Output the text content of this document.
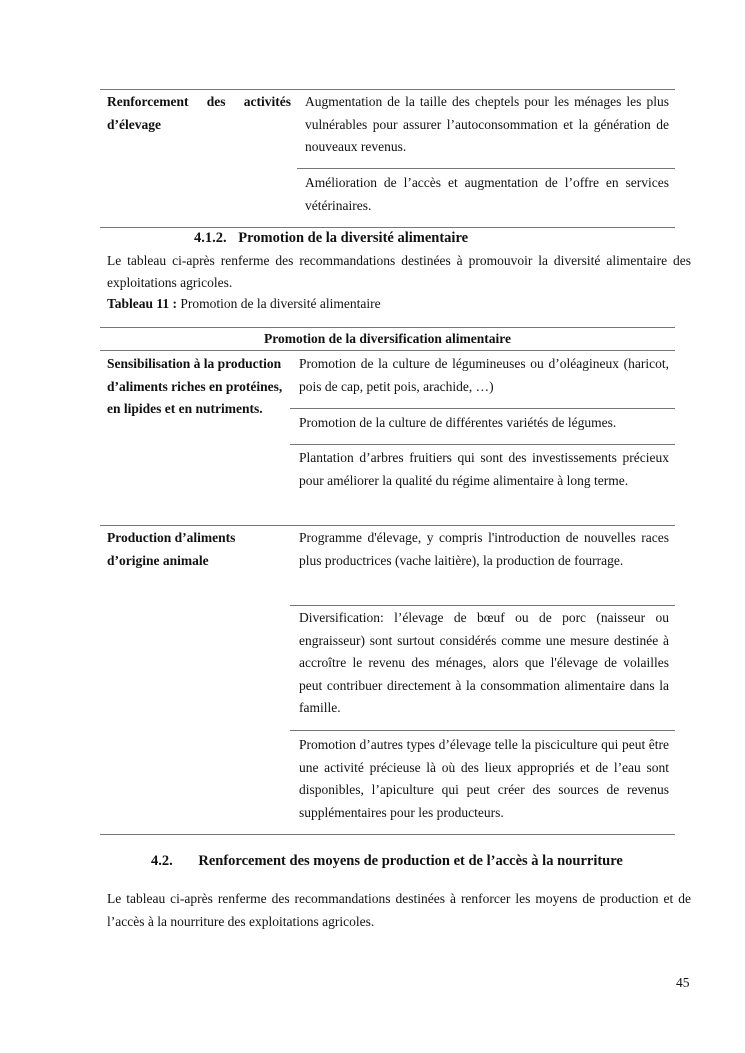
Renforcement des activités d’élevage
Augmentation de la taille des cheptels pour les ménages les plus vulnérables pour assurer l’autoconsommation et la génération de nouveaux revenus.
Amélioration de l’accès et augmentation de l’offre en services vétérinaires.
4.1.2. Promotion de la diversité alimentaire
Le tableau ci-après renferme des recommandations destinées à promouvoir la diversité alimentaire des exploitations agricoles.
Tableau 11 : Promotion de la diversité alimentaire
Promotion de la diversification alimentaire
Sensibilisation à la production d’aliments riches en protéines, en lipides et en nutriments.
Promotion de la culture de légumineuses ou d’oléagineux (haricot, pois de cap, petit pois, arachide, …)
Promotion de la culture de différentes variétés de légumes.
Plantation d’arbres fruitiers qui sont des investissements précieux pour améliorer la qualité du régime alimentaire à long terme.
Production d’aliments d’origine animale
Programme d'élevage, y compris l'introduction de nouvelles races plus productrices (vache laitière), la production de fourrage.
Diversification: l’élevage de bœuf ou de porc (naisseur ou engraisseur) sont surtout considérés comme une mesure destinée à accroître le revenu des ménages, alors que l'élevage de volailles peut contribuer directement à la consommation alimentaire dans la famille.
Promotion d’autres types d’élevage telle la pisciculture qui peut être une activité précieuse là où des lieux appropriés et de l’eau sont disponibles, l’apiculture qui peut créer des sources de revenus supplémentaires pour les producteurs.
4.2. Renforcement des moyens de production et de l’accès à la nourriture
Le tableau ci-après renferme des recommandations destinées à renforcer les moyens de production et de l’accès à la nourriture des exploitations agricoles.
45
